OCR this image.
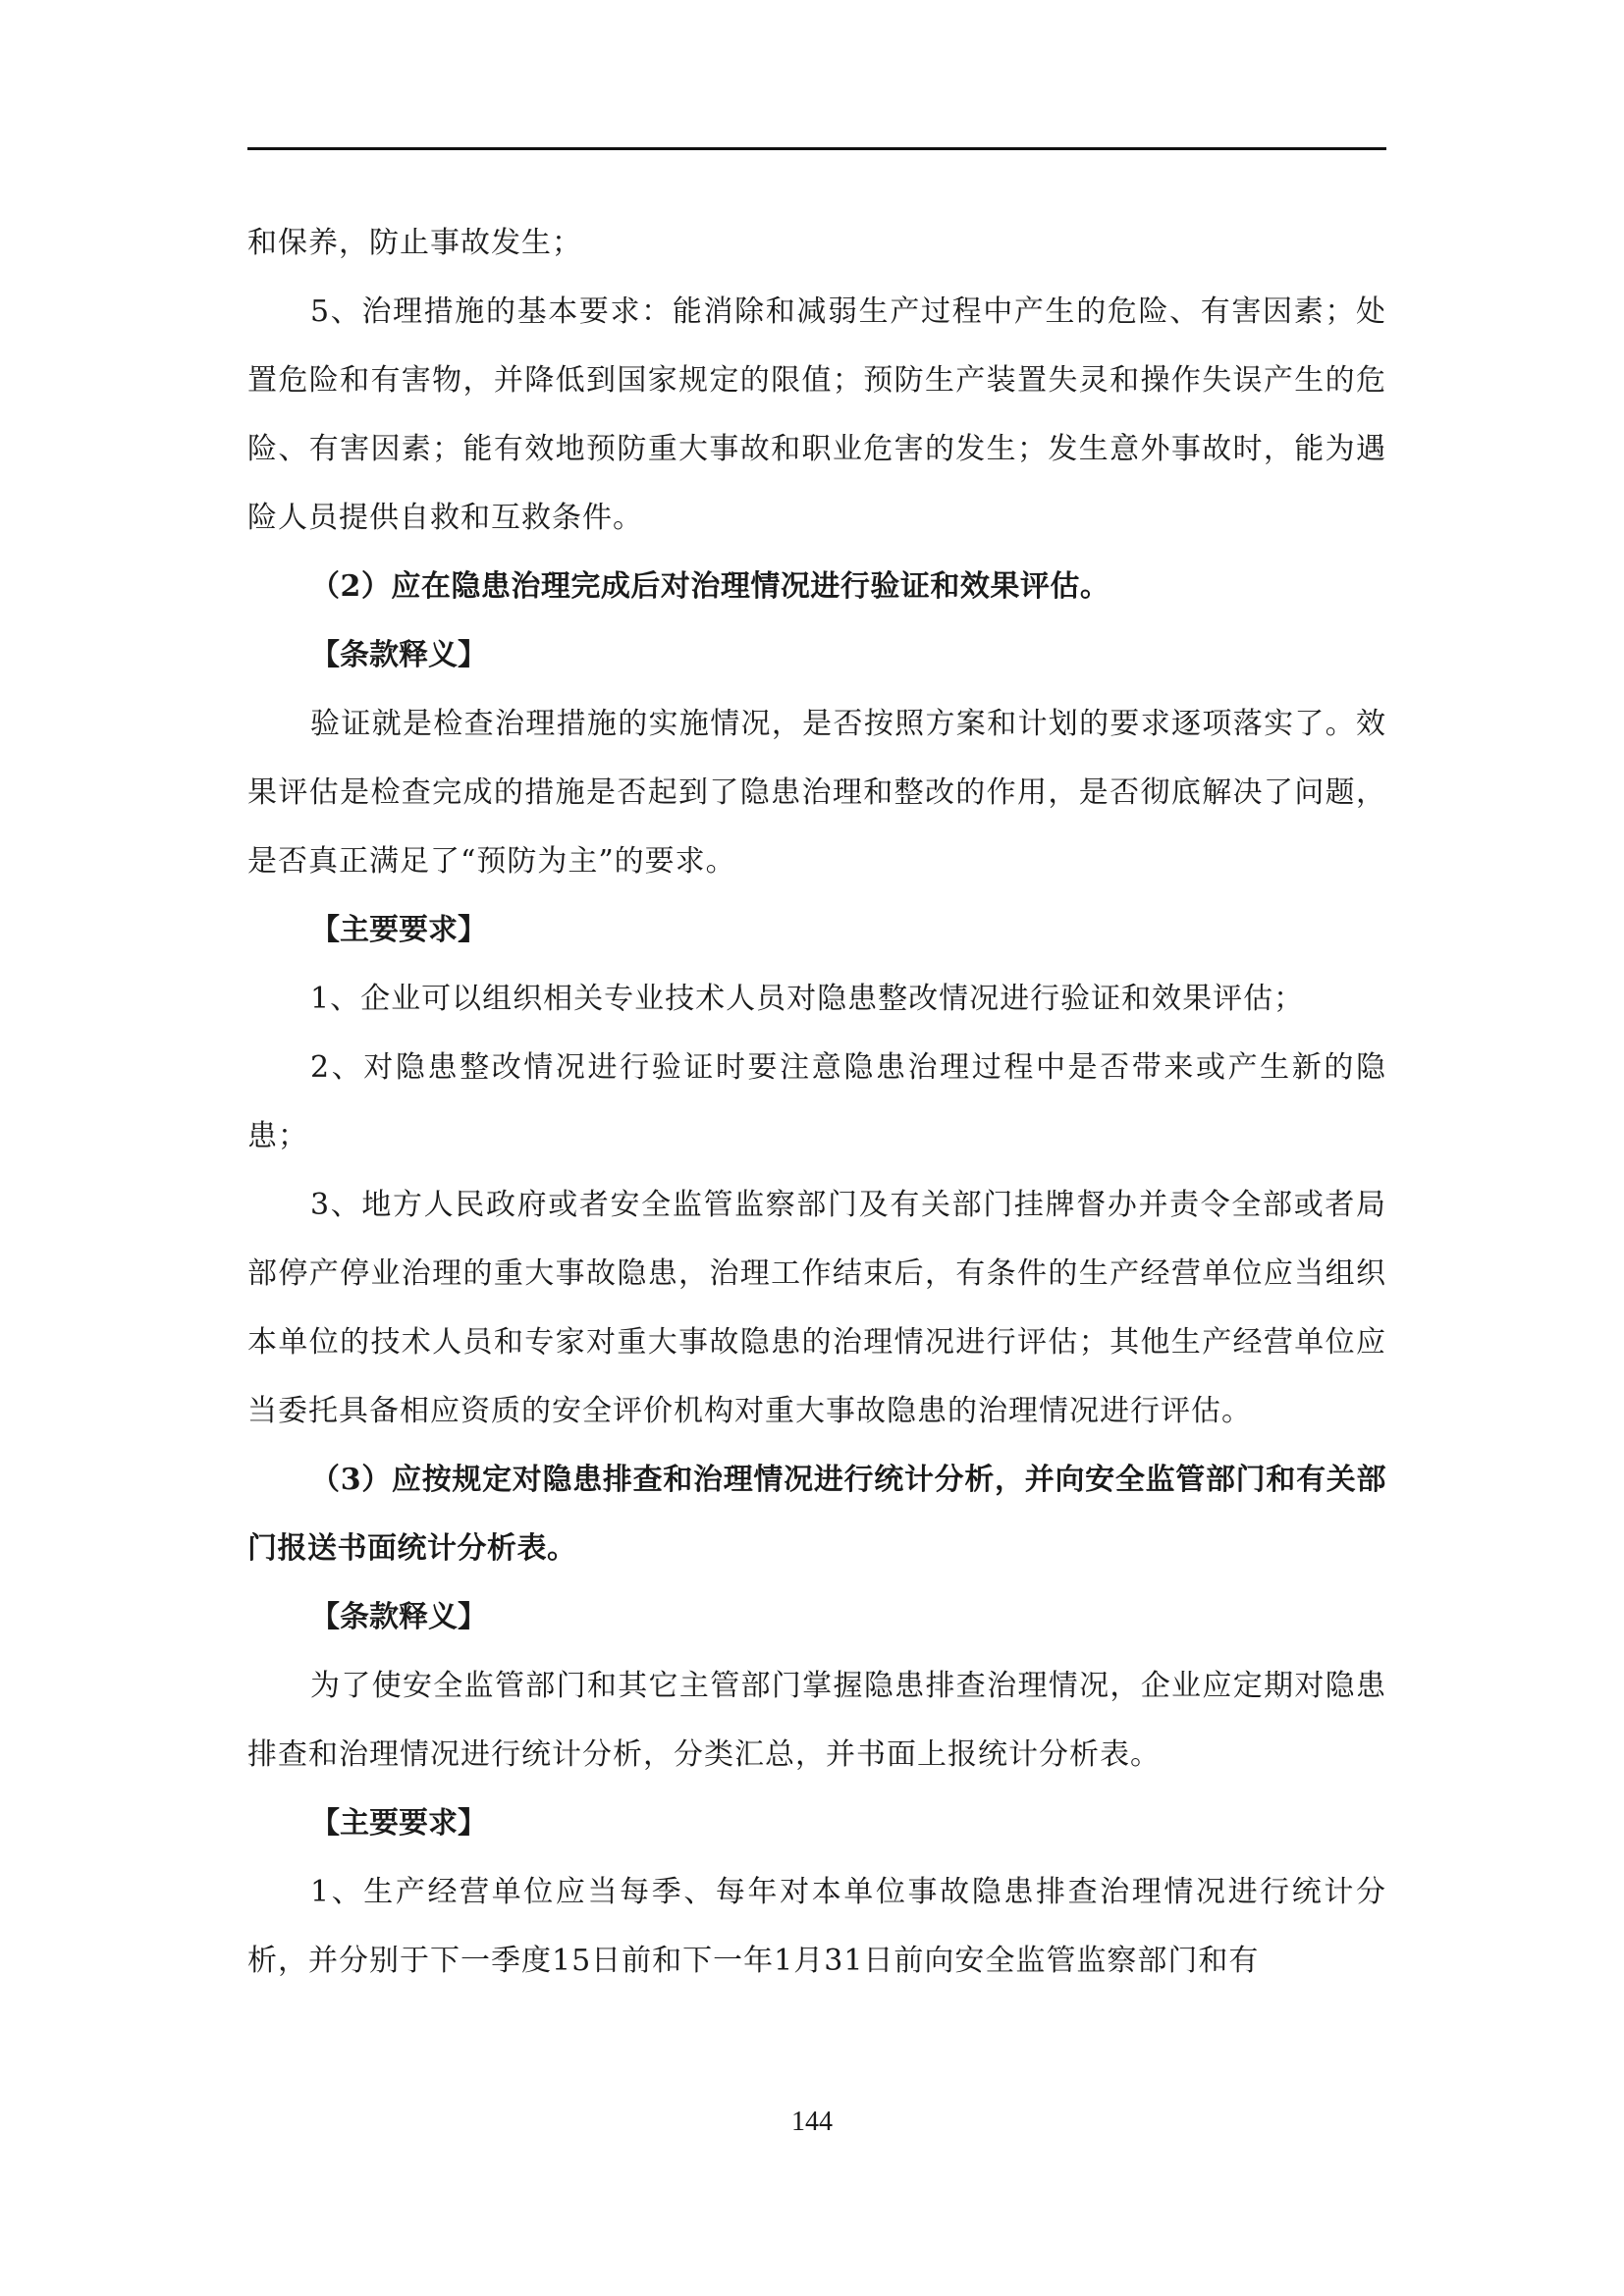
和保养，防止事故发生；

5、治理措施的基本要求：能消除和减弱生产过程中产生的危险、有害因素；处置危险和有害物，并降低到国家规定的限值；预防生产装置失灵和操作失误产生的危险、有害因素；能有效地预防重大事故和职业危害的发生；发生意外事故时，能为遇险人员提供自救和互救条件。

（2）应在隐患治理完成后对治理情况进行验证和效果评估。

【条款释义】

验证就是检查治理措施的实施情况，是否按照方案和计划的要求逐项落实了。效果评估是检查完成的措施是否起到了隐患治理和整改的作用，是否彻底解决了问题，是否真正满足了“预防为主”的要求。

【主要要求】

1、企业可以组织相关专业技术人员对隐患整改情况进行验证和效果评估；

2、对隐患整改情况进行验证时要注意隐患治理过程中是否带来或产生新的隐患；

3、地方人民政府或者安全监管监察部门及有关部门挂牌督办并责令全部或者局部停产停业治理的重大事故隐患，治理工作结束后，有条件的生产经营单位应当组织本单位的技术人员和专家对重大事故隐患的治理情况进行评估；其他生产经营单位应当委托具备相应资质的安全评价机构对重大事故隐患的治理情况进行评估。

（3）应按规定对隐患排查和治理情况进行统计分析，并向安全监管部门和有关部门报送书面统计分析表。

【条款释义】

为了使安全监管部门和其它主管部门掌握隐患排查治理情况，企业应定期对隐患排查和治理情况进行统计分析，分类汇总，并书面上报统计分析表。

【主要要求】

1、生产经营单位应当每季、每年对本单位事故隐患排查治理情况进行统计分析，并分别于下一季度15日前和下一年1月31日前向安全监管监察部门和有

144
